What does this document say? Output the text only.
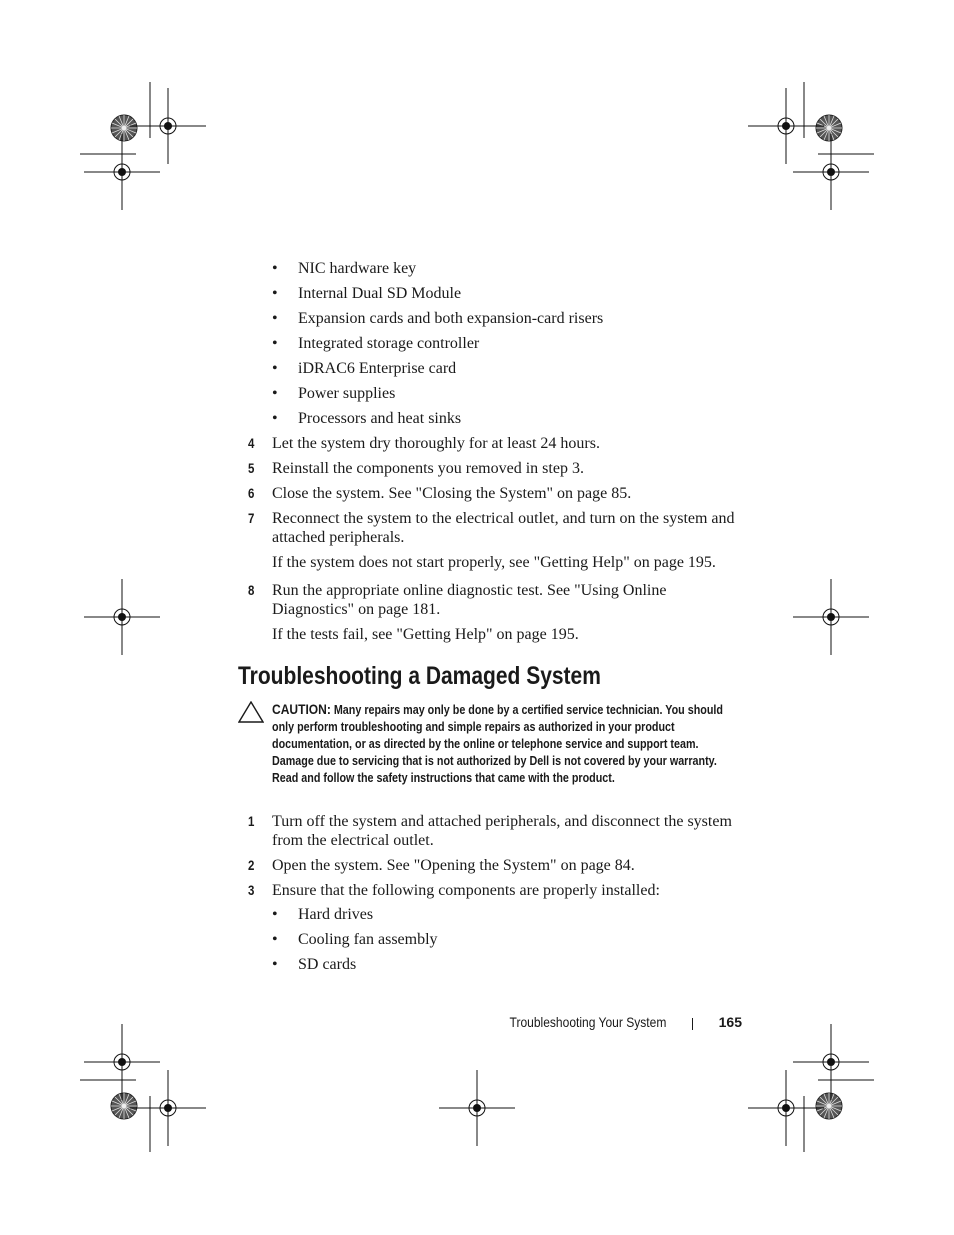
• NIC hardware key
• Internal Dual SD Module
• Expansion cards and both expansion-card risers
• Integrated storage controller
• iDRAC6 Enterprise card
• Power supplies
• Processors and heat sinks
4 Let the system dry thoroughly for at least 24 hours.
5 Reinstall the components you removed in step 3.
6 Close the system. See "Closing the System" on page 85.
7 Reconnect the system to the electrical outlet, and turn on the system and attached peripherals.
If the system does not start properly, see "Getting Help" on page 195.
8 Run the appropriate online diagnostic test. See "Using Online Diagnostics" on page 181.
If the tests fail, see "Getting Help" on page 195.
Troubleshooting a Damaged System
CAUTION: Many repairs may only be done by a certified service technician. You should only perform troubleshooting and simple repairs as authorized in your product documentation, or as directed by the online or telephone service and support team. Damage due to servicing that is not authorized by Dell is not covered by your warranty. Read and follow the safety instructions that came with the product.
1 Turn off the system and attached peripherals, and disconnect the system from the electrical outlet.
2 Open the system. See "Opening the System" on page 84.
3 Ensure that the following components are properly installed:
• Hard drives
• Cooling fan assembly
• SD cards
Troubleshooting Your System	165
